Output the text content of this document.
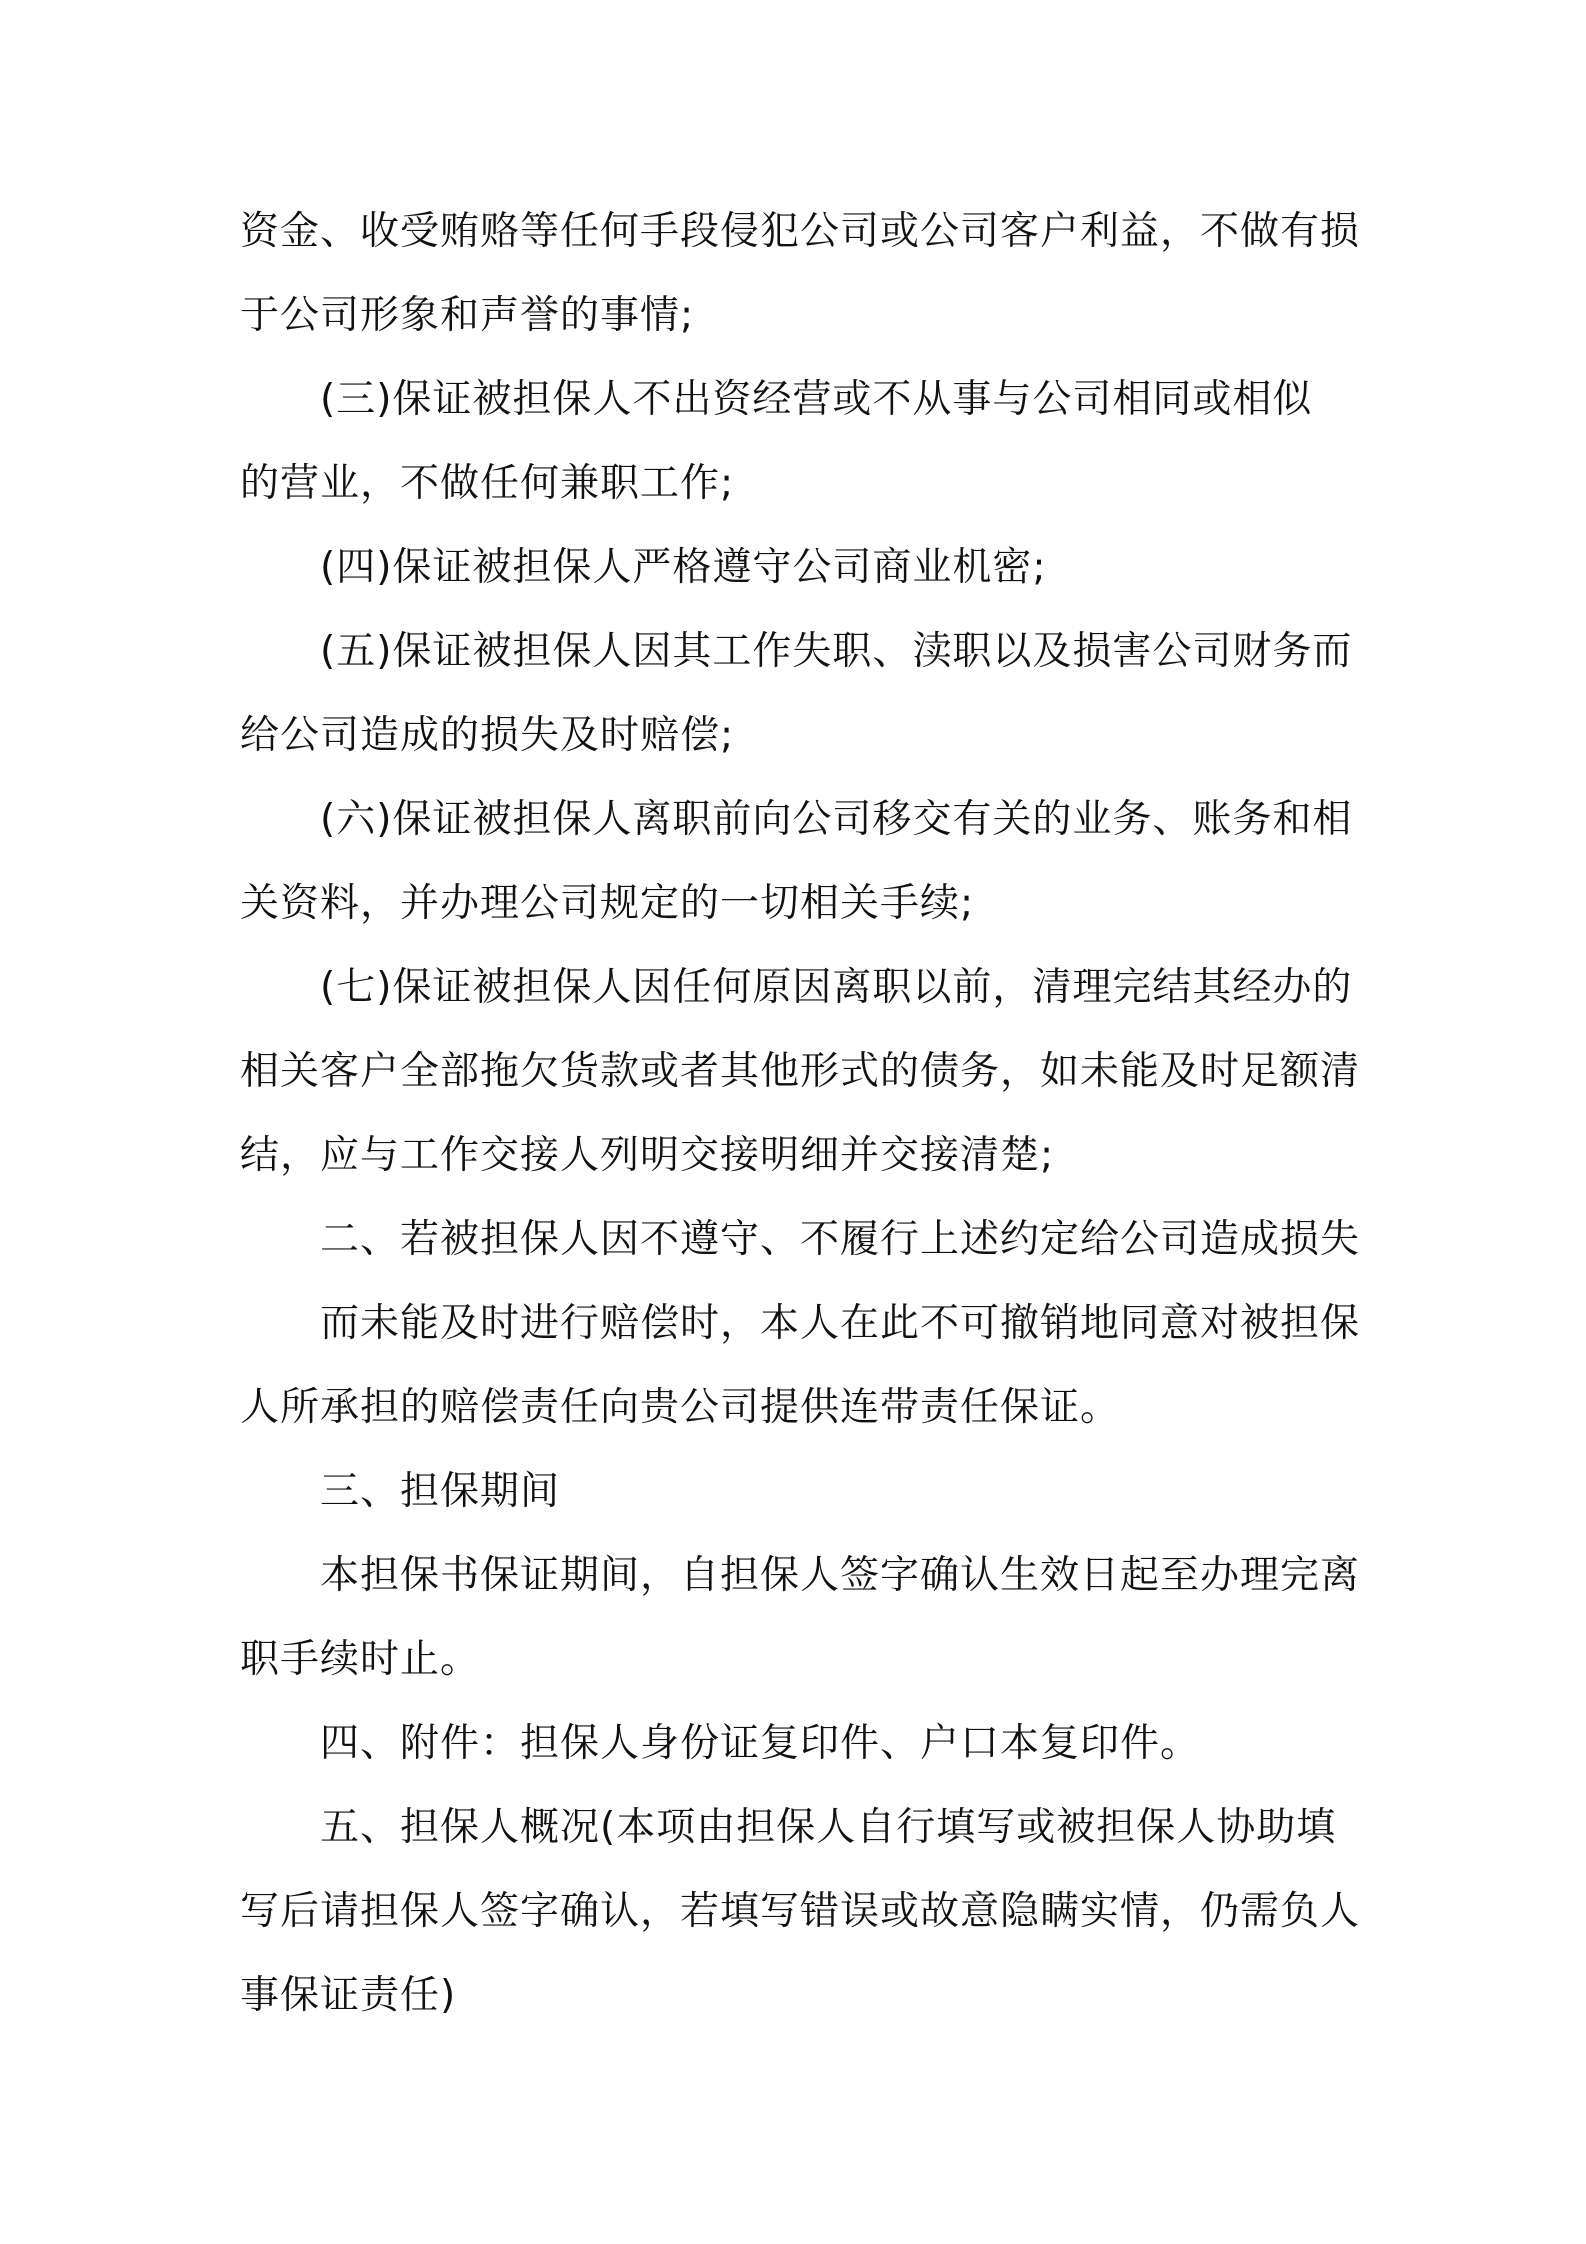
资金、收受贿赂等任何手段侵犯公司或公司客户利益，不做有损
于公司形象和声誉的事情;
(三)保证被担保人不出资经营或不从事与公司相同或相似
的营业，不做任何兼职工作;
(四)保证被担保人严格遵守公司商业机密;
(五)保证被担保人因其工作失职、渎职以及损害公司财务而
给公司造成的损失及时赔偿;
(六)保证被担保人离职前向公司移交有关的业务、账务和相
关资料，并办理公司规定的一切相关手续;
(七)保证被担保人因任何原因离职以前，清理完结其经办的
相关客户全部拖欠货款或者其他形式的债务，如未能及时足额清
结，应与工作交接人列明交接明细并交接清楚;
二、若被担保人因不遵守、不履行上述约定给公司造成损失
而未能及时进行赔偿时，本人在此不可撤销地同意对被担保
人所承担的赔偿责任向贵公司提供连带责任保证。
三、担保期间
本担保书保证期间，自担保人签字确认生效日起至办理完离
职手续时止。
四、附件：担保人身份证复印件、户口本复印件。
五、担保人概况(本项由担保人自行填写或被担保人协助填
写后请担保人签字确认，若填写错误或故意隐瞒实情，仍需负人
事保证责任)
